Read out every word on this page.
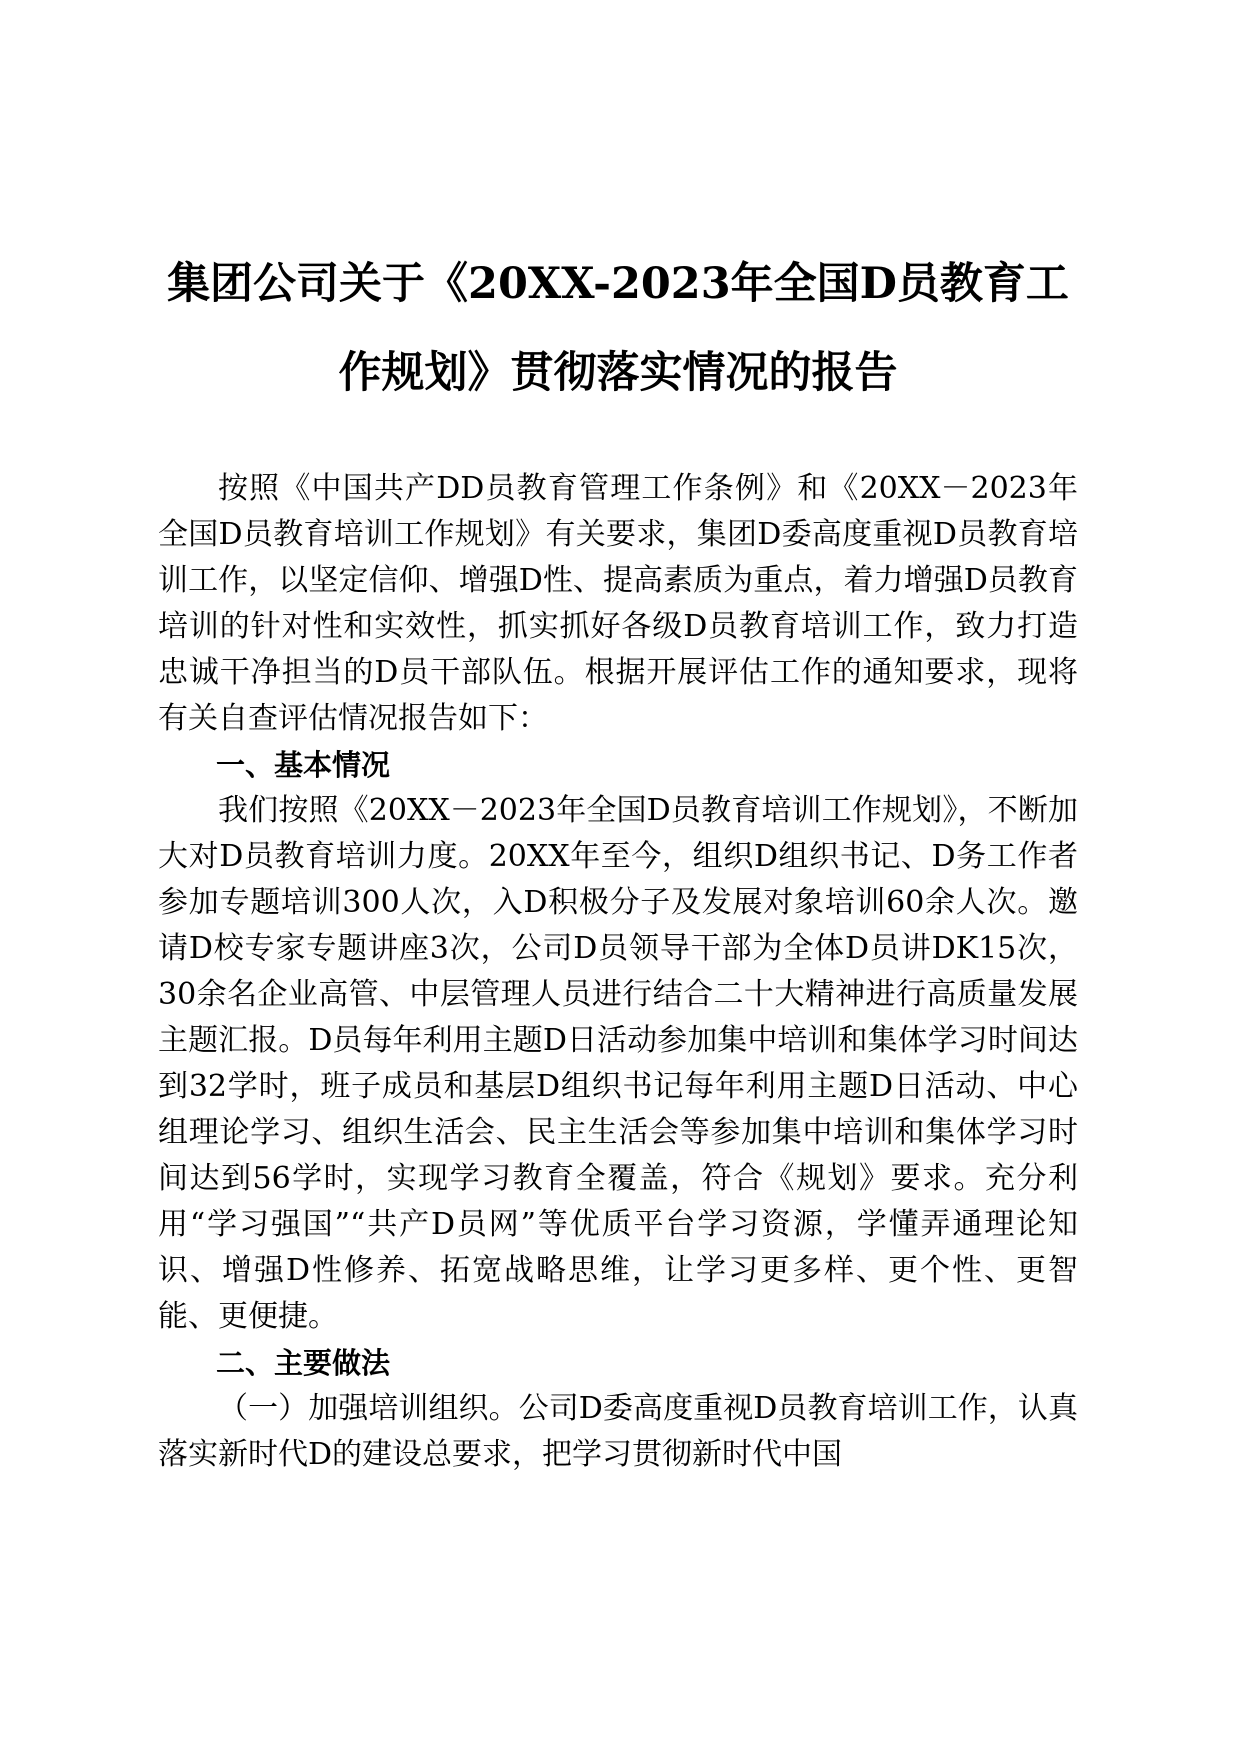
集团公司关于《20XX-2023年全国D员教育工
作规划》贯彻落实情况的报告

按照《中国共产DD员教育管理工作条例》和《20XX－2023年全国D员教育培训工作规划》有关要求，集团D委高度重视D员教育培训工作，以坚定信仰、增强D性、提高素质为重点，着力增强D员教育培训的针对性和实效性，抓实抓好各级D员教育培训工作，致力打造忠诚干净担当的D员干部队伍。根据开展评估工作的通知要求，现将有关自查评估情况报告如下：

一、基本情况

我们按照《20XX－2023年全国D员教育培训工作规划》，不断加大对D员教育培训力度。20XX年至今，组织D组织书记、D务工作者参加专题培训300人次，入D积极分子及发展对象培训60余人次。邀请D校专家专题讲座3次，公司D员领导干部为全体D员讲DK15次，30余名企业高管、中层管理人员进行结合二十大精神进行高质量发展主题汇报。D员每年利用主题D日活动参加集中培训和集体学习时间达到32学时，班子成员和基层D组织书记每年利用主题D日活动、中心组理论学习、组织生活会、民主生活会等参加集中培训和集体学习时间达到56学时，实现学习教育全覆盖，符合《规划》要求。充分利用“学习强国”“共产D员网”等优质平台学习资源，学懂弄通理论知识、增强D性修养、拓宽战略思维，让学习更多样、更个性、更智能、更便捷。

二、主要做法

（一）加强培训组织。公司D委高度重视D员教育培训工作，认真落实新时代D的建设总要求，把学习贯彻新时代中国
